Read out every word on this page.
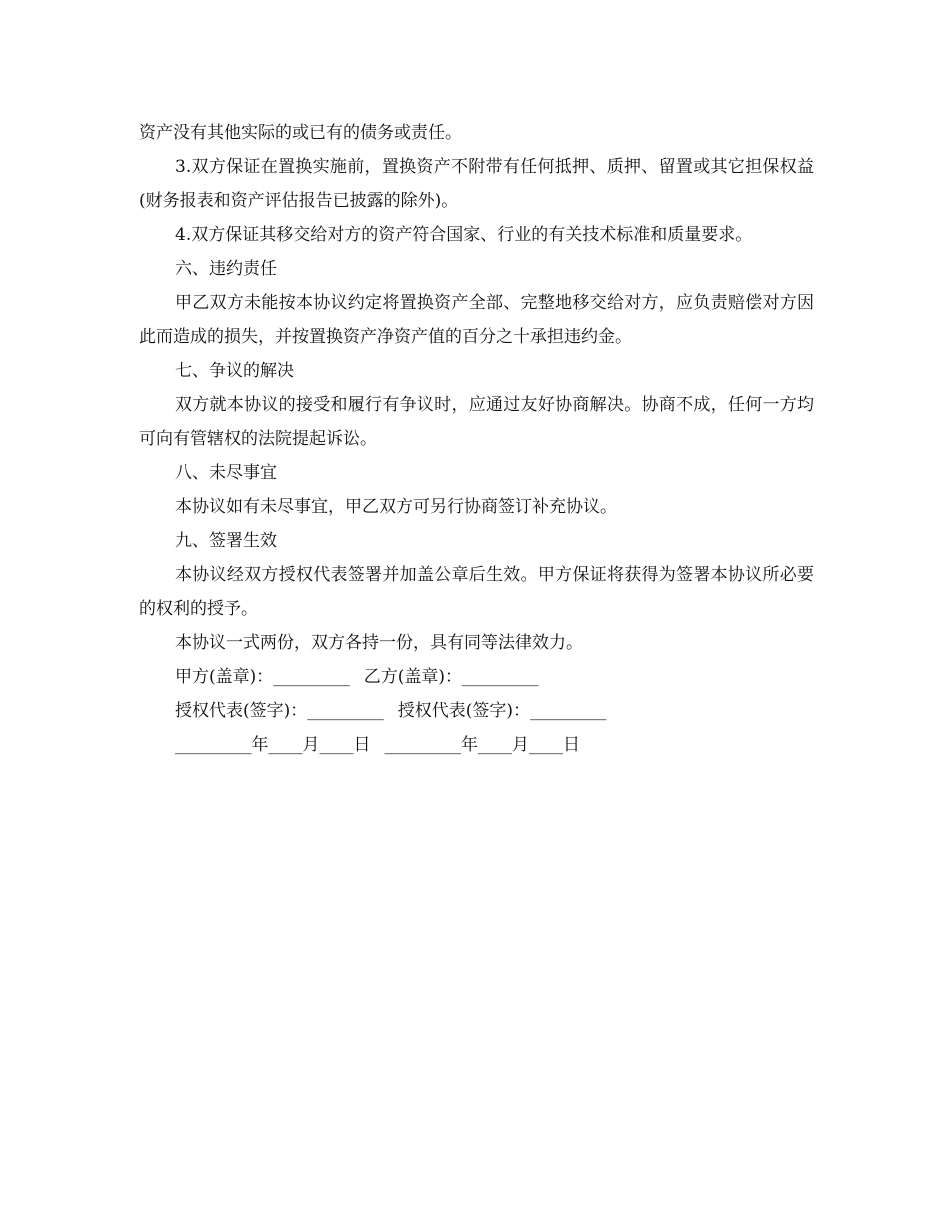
资产没有其他实际的或已有的债务或责任。

3.双方保证在置换实施前，置换资产不附带有任何抵押、质押、留置或其它担保权益(财务报表和资产评估报告已披露的除外)。

4.双方保证其移交给对方的资产符合国家、行业的有关技术标准和质量要求。

六、违约责任

甲乙双方未能按本协议约定将置换资产全部、完整地移交给对方，应负责赔偿对方因此而造成的损失，并按置换资产净资产值的百分之十承担违约金。

七、争议的解决

双方就本协议的接受和履行有争议时，应通过友好协商解决。协商不成，任何一方均可向有管辖权的法院提起诉讼。

八、未尽事宜

本协议如有未尽事宜，甲乙双方可另行协商签订补充协议。

九、签署生效

本协议经双方授权代表签署并加盖公章后生效。甲方保证将获得为签署本协议所必要的权利的授予。

本协议一式两份，双方各持一份，具有同等法律效力。

甲方(盖章)：_________ 乙方(盖章)：_________
授权代表(签字)：_________ 授权代表(签字)：_________
_________年____月____日 _________年____月____日
